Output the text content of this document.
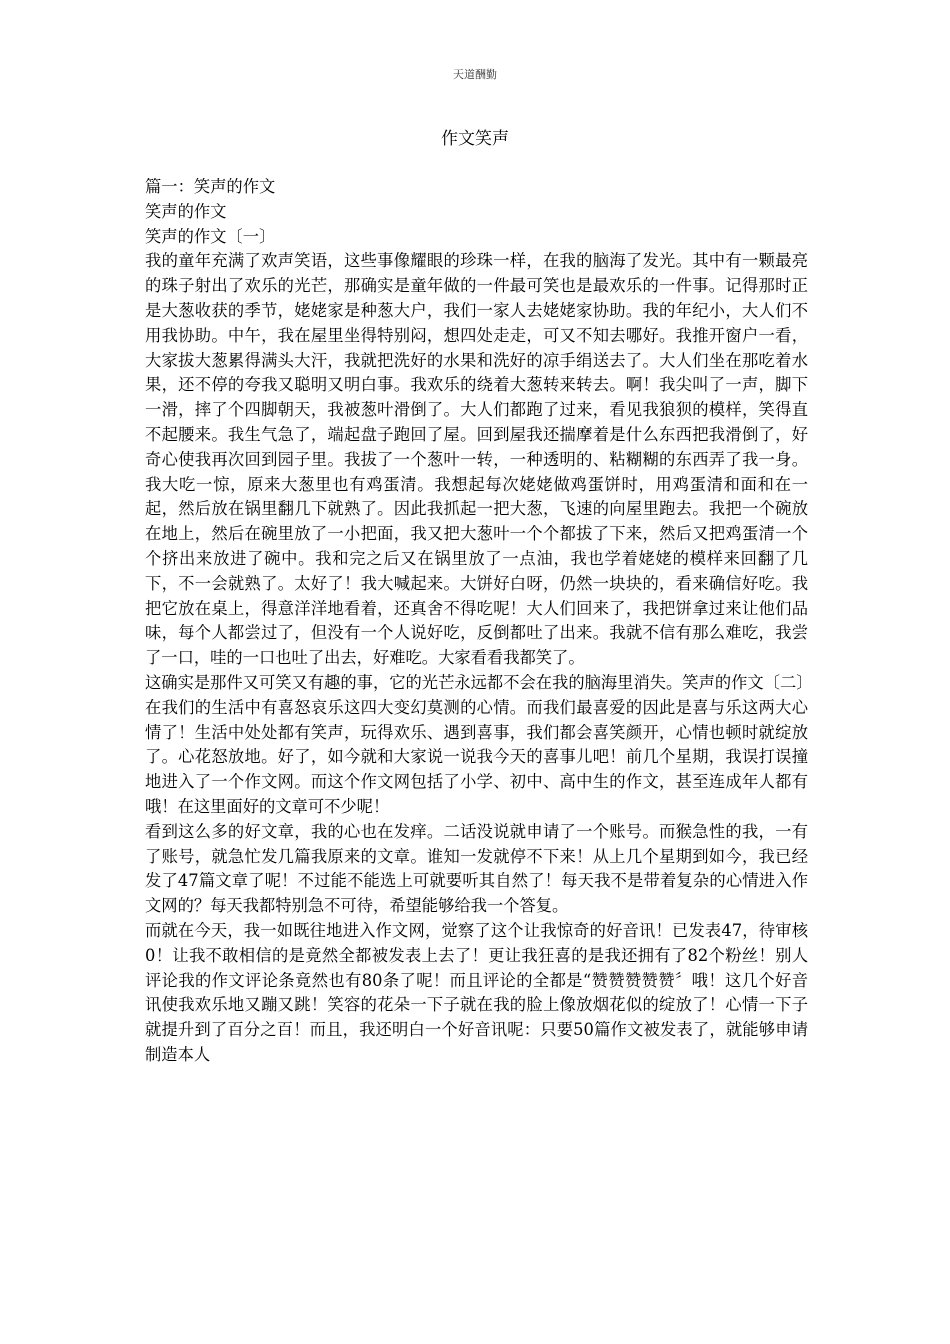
天道酬勤
作文笑声

篇一：笑声的作文

笑声的作文

笑声的作文〔一〕

我的童年充满了欢声笑语，这些事像耀眼的珍珠一样，在我的脑海了发光。其中有一颗最亮的珠子射出了欢乐的光芒，那确实是童年做的一件最可笑也是最欢乐的一件事。记得那时正是大葱收获的季节，姥姥家是种葱大户，我们一家人去姥姥家协助。我的年纪小，大人们不用我协助。中午，我在屋里坐得特别闷，想四处走走，可又不知去哪好。我推开窗户一看，大家拔大葱累得满头大汗，我就把洗好的水果和洗好的凉手绢送去了。大人们坐在那吃着水果，还不停的夸我又聪明又明白事。我欢乐的绕着大葱转来转去。啊！我尖叫了一声，脚下一滑，摔了个四脚朝天，我被葱叶滑倒了。大人们都跑了过来，看见我狼狈的模样，笑得直不起腰来。我生气急了，端起盘子跑回了屋。回到屋我还揣摩着是什么东西把我滑倒了，好奇心使我再次回到园子里。我拔了一个葱叶一转，一种透明的、粘糊糊的东西弄了我一身。我大吃一惊，原来大葱里也有鸡蛋清。我想起每次姥姥做鸡蛋饼时，用鸡蛋清和面和在一起，然后放在锅里翻几下就熟了。因此我抓起一把大葱，飞速的向屋里跑去。我把一个碗放在地上，然后在碗里放了一小把面，我又把大葱叶一个个都拔了下来，然后又把鸡蛋清一个个挤出来放进了碗中。我和完之后又在锅里放了一点油，我也学着姥姥的模样来回翻了几下，不一会就熟了。太好了！我大喊起来。大饼好白呀，仍然一块块的，看来确信好吃。我把它放在桌上，得意洋洋地看着，还真舍不得吃呢！大人们回来了，我把饼拿过来让他们品味，每个人都尝过了，但没有一个人说好吃，反倒都吐了出来。我就不信有那么难吃，我尝了一口，哇的一口也吐了出去，好难吃。大家看看我都笑了。

这确实是那件又可笑又有趣的事，它的光芒永远都不会在我的脑海里消失。笑声的作文〔二〕

在我们的生活中有喜怒哀乐这四大变幻莫测的心情。而我们最喜爱的因此是喜与乐这两大心情了！生活中处处都有笑声，玩得欢乐、遇到喜事，我们都会喜笑颜开，心情也顿时就绽放了。心花怒放地。好了，如今就和大家说一说我今天的喜事儿吧！前几个星期，我误打误撞地进入了一个作文网。而这个作文网包括了小学、初中、高中生的作文，甚至连成年人都有哦！在这里面好的文章可不少呢！

看到这么多的好文章，我的心也在发痒。二话没说就申请了一个账号。而猴急性的我，一有了账号，就急忙发几篇我原来的文章。谁知一发就停不下来！从上几个星期到如今，我已经发了47篇文章了呢！不过能不能选上可就要听其自然了！每天我不是带着复杂的心情进入作文网的？每天我都特别急不可待，希望能够给我一个答复。

而就在今天，我一如既往地进入作文网，觉察了这个让我惊奇的好音讯！已发表47，待审核0！让我不敢相信的是竟然全都被发表上去了！更让我狂喜的是我还拥有了82个粉丝！别人评论我的作文评论条竟然也有80条了呢！而且评论的全都是“赞赞赞赞赞〞哦！这几个好音讯使我欢乐地又蹦又跳！笑容的花朵一下子就在我的脸上像放烟花似的绽放了！心情一下子就提升到了百分之百！而且，我还明白一个好音讯呢：只要50篇作文被发表了，就能够申请制造本人
